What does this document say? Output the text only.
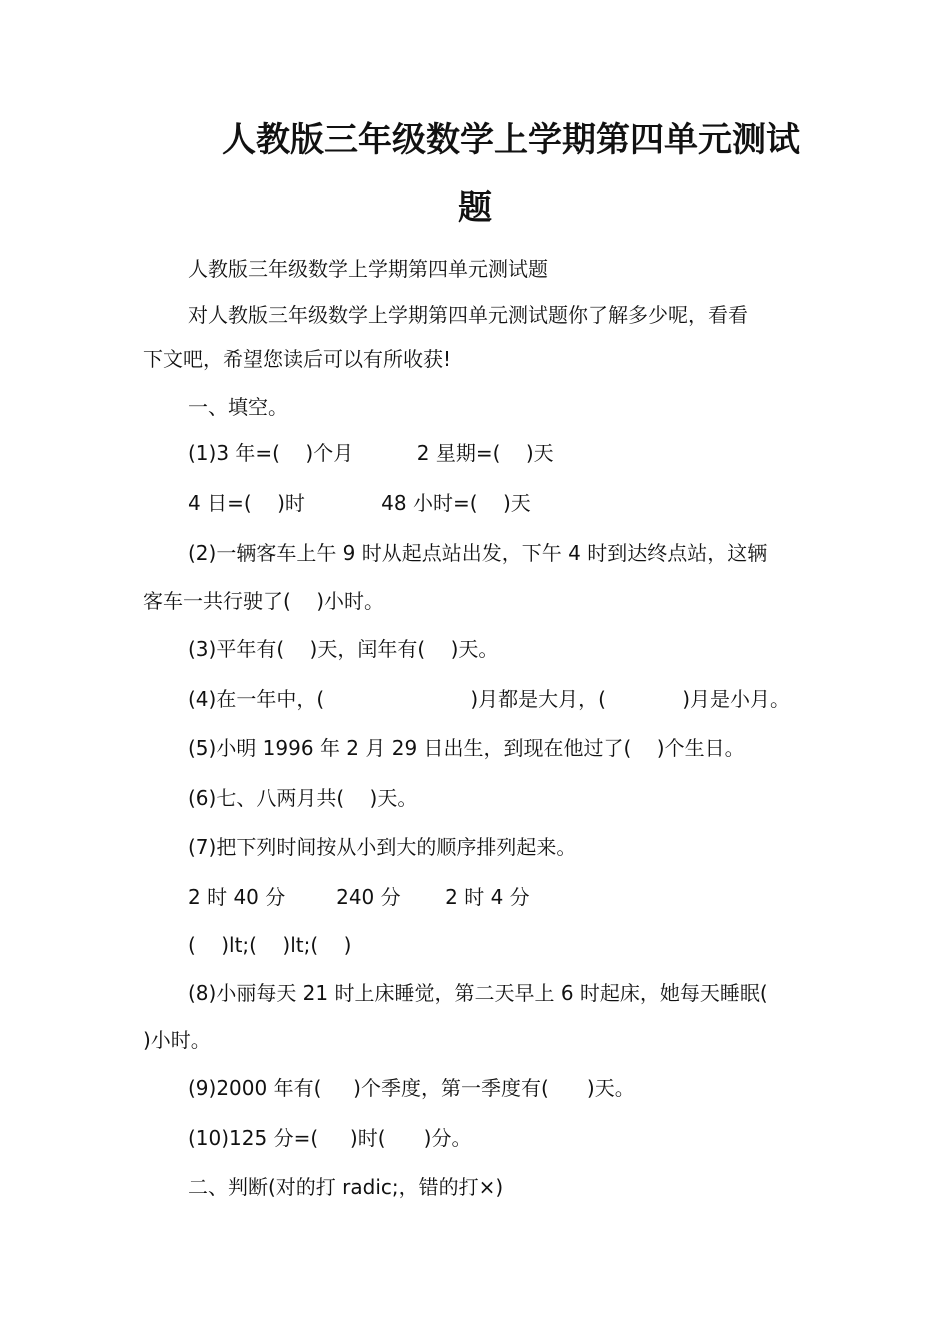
人教版三年级数学上学期第四单元测试
题
人教版三年级数学上学期第四单元测试题
对人教版三年级数学上学期第四单元测试题你了解多少呢，看看
下文吧，希望您读后可以有所收获!
一、填空。
(1)3 年=(    )个月          2 星期=(    )天
4 日=(    )时            48 小时=(    )天
(2)一辆客车上午 9 时从起点站出发，下午 4 时到达终点站，这辆
客车一共行驶了(    )小时。
(3)平年有(    )天，闰年有(    )天。
(4)在一年中，(                       )月都是大月，(            )月是小月。
(5)小明 1996 年 2 月 29 日出生，到现在他过了(    )个生日。
(6)七、八两月共(    )天。
(7)把下列时间按从小到大的顺序排列起来。
2 时 40 分        240 分       2 时 4 分
(    )lt;(    )lt;(    )
(8)小丽每天 21 时上床睡觉，第二天早上 6 时起床，她每天睡眠(
)小时。
(9)2000 年有(     )个季度，第一季度有(      )天。
(10)125 分=(     )时(      )分。
二、判断(对的打 radic;，错的打×)
